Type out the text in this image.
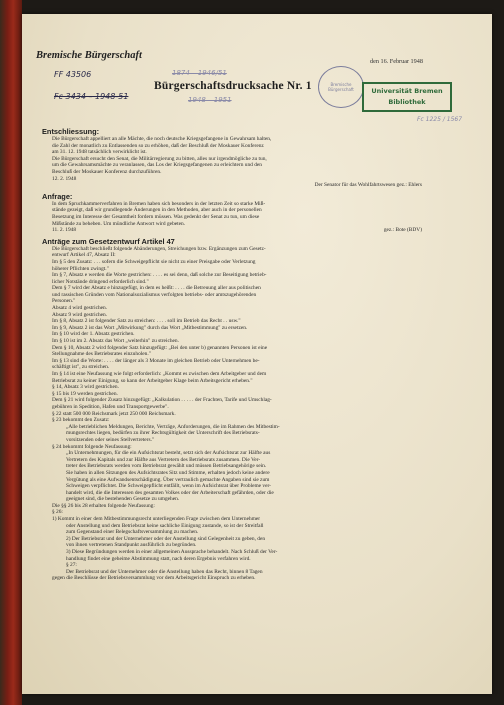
Bremische Bürgerschaft
den 16. Februar 1948
Bürgerschaftsdrucksache Nr. 1
FF 43506
Fc 3434 – 1948-51
1874 – 1946/51
1948 – 1951
Fc 1225 / 1567
Bremische Bürgerschaft	Universität Bremen
Bibliothek
Entschliessung:

Die Bürgerschaft appelliert an alle Mächte, die noch deutsche Kriegsgefangene in Gewahrsam halten,

die Zahl der monatlich zu Entlassenden so zu erhöhen, daß der Beschluß der Moskauer Konferenz

am 31. 12. 1948 tatsächlich verwirklicht ist.

Die Bürgerschaft ersucht den Senat, die Militärregierung zu bitten, alles nur irgendmögliche zu tun,

um die Gewahrsamsmächte zu veranlassen, das Los der Kriegsgefangenen zu erleichtern und den

Beschluß der Moskauer Konferenz durchzuführen.

12. 2. 1948
Der Senator für das Wohlfahrtswesen gez.: Ehlers
Anfrage:

In dem Spruchkammerverfahren in Bremen haben sich besonders in der letzten Zeit so starke Miß-

stände gezeigt, daß wir grundlegende Änderungen in den Methoden, aber auch in der personellen

Besetzung im Interesse der Gesamtheit fordern müssen. Was gedenkt der Senat zu tun, um diese

Mißstände zu beheben. Um mündliche Antwort wird gebeten.

11. 2. 1948	gez.: Bote (BDV)
Anträge zum Gesetzentwurf Artikel 47

Die Bürgerschaft beschließt folgende Abänderungen, Streichungen bzw. Ergänzungen zum Gesetz-

entwurf Artikel 47, Absatz II:

Im § 5 den Zusatz: . . . sofern die Schweigepflicht sie nicht zu einer Preisgabe oder Verletzung

höherer Pflichten zwingt."

Im § 7, Absatz e werden die Worte gestrichen: . . . . es sei denn, daß solche zur Beseitigung betrieb-

licher Notstände dringend erforderlich sind."

Dem § 7 wird der Absatz e hinzugefügt, in dem es heißt: . . . . die Betreuung aller aus politischen

und rassischen Gründen vom Nationalsozialismus verfolgten betriebs- oder amtszugehörenden

Personen."

Absatz 4 wird gestrichen.

Absatz 9 wird gestrichen.

Im § 8, Absatz 2 ist folgender Satz zu streichen: . . . . soll im Betrieb das Recht . . usw."

Im § 9, Absatz 2 ist das Wort „Mitwirkung" durch das Wort „Mitbestimmung" zu ersetzen.

Im § 10 wird der 1. Absatz gestrichen.

Im § 10 ist im 2. Absatz das Wort „weiterhin" zu streichen.

Dem § 10, Absatz 2 wird folgender Satz hinzugefügt: „Bei den unter b) genannten Personen ist eine

Stellungnahme des Betriebsrates einzuholen."

Im § 13 sind die Worte: . . . . der länger als 3 Monate im gleichen Betrieb oder Unternehmen be-

schäftigt ist", zu streichen.

Im § 14 ist eine Neufassung wie folgt erforderlich: „Kommt es zwischen dem Arbeitgeber und dem

Betriebsrat zu keiner Einigung, so kann der Arbeitgeber Klage beim Arbeitsgericht erheben."

§ 14, Absatz 3 wird gestrichen.

§ 15 bis 19 werden gestrichen.

Dem § 21 wird folgender Zusatz hinzugefügt: „Kalkulation . . . . . der Frachten, Tarife und Umschlag-

gebühren in Spedition, Hafen und Transportgewerbe".

§ 22 statt 500 000 Reichsmark jetzt 250 000 Reichsmark.

§ 23 bekommt den Zusatz:

„Alle betrieblichen Meldungen, Berichte, Verträge, Anforderungen, die im Rahmen des Mitbestim-

mungsrechtes liegen, bedürfen zu ihrer Rechtsgültigkeit der Unterschrift des Betriebsrats-

vorsitzenden oder seines Stellvertreters."

§ 24 bekommt folgende Neufassung:

„In Unternehmungen, für die ein Aufsichtsrat besteht, setzt sich der Aufsichtsrat zur Hälfte aus

Vertretern des Kapitals und zur Hälfte aus Vertretern des Betriebsrats zusammen. Die Ver-

treter des Betriebsrats werden vom Betriebsrat gewählt und müssen Betriebsangehörige sein.

Sie haben in allen Sitzungen des Aufsichtsrates Sitz und Stimme, erhalten jedoch keine andere

Vergütung als eine Aufwandsentschädigung. Über vertraulich gemachte Angaben sind sie zum

Schweigen verpflichtet. Die Schweigepflicht entfällt, wenn im Aufsichtsrat über Probleme ver-

handelt wird, die die Interessen des gesamten Volkes oder der Arbeiterschaft gefährden, oder die

geeignet sind, die bestehenden Gesetze zu umgehen.

Die §§ 26 bis 28 erhalten folgende Neufassung:

§ 26:

1) Kommt in einer dem Mitbestimmungsrecht unterliegenden Frage zwischen dem Unternehmer

oder Anstellung und dem Betriebsrat keine sachliche Einigung zustande, so ist der Streitfall

zum Gegenstand einer Belegschaftsversammlung zu machen.

2) Der Betriebsrat und der Unternehmer oder der Anstellung sind Gelegenheit zu geben, den

von ihnen vertretenen Standpunkt ausführlich zu begründen.

3) Diese Begründungen werden in einer allgemeinen Aussprache behandelt. Nach Schluß der Ver-

handlung findet eine geheime Abstimmung statt, nach deren Ergebnis verfahren wird.

§ 27:

Der Betriebsrat und der Unternehmer oder die Anstellung haben das Recht, binnen 8 Tagen

gegen die Beschlüsse der Betriebsversammlung vor dem Arbeitsgericht Einspruch zu erheben.
